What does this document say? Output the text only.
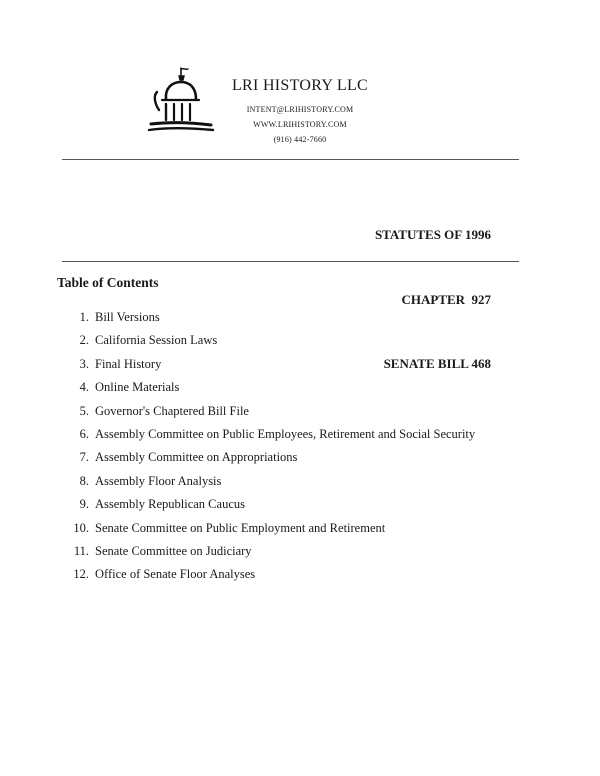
LRI HISTORY LLC
INTENT@LRIHISTORY.COM
WWW.LRIHISTORY.COM
(916) 442-7660

STATUTES OF 1996

CHAPTER  927

SENATE BILL 468

Table of Contents
1. Bill Versions
2. California Session Laws
3. Final History
4. Online Materials
5. Governor's Chaptered Bill File
6. Assembly Committee on Public Employees, Retirement and Social Security
7. Assembly Committee on Appropriations
8. Assembly Floor Analysis
9. Assembly Republican Caucus
10. Senate Committee on Public Employment and Retirement
11. Senate Committee on Judiciary
12. Office of Senate Floor Analyses
